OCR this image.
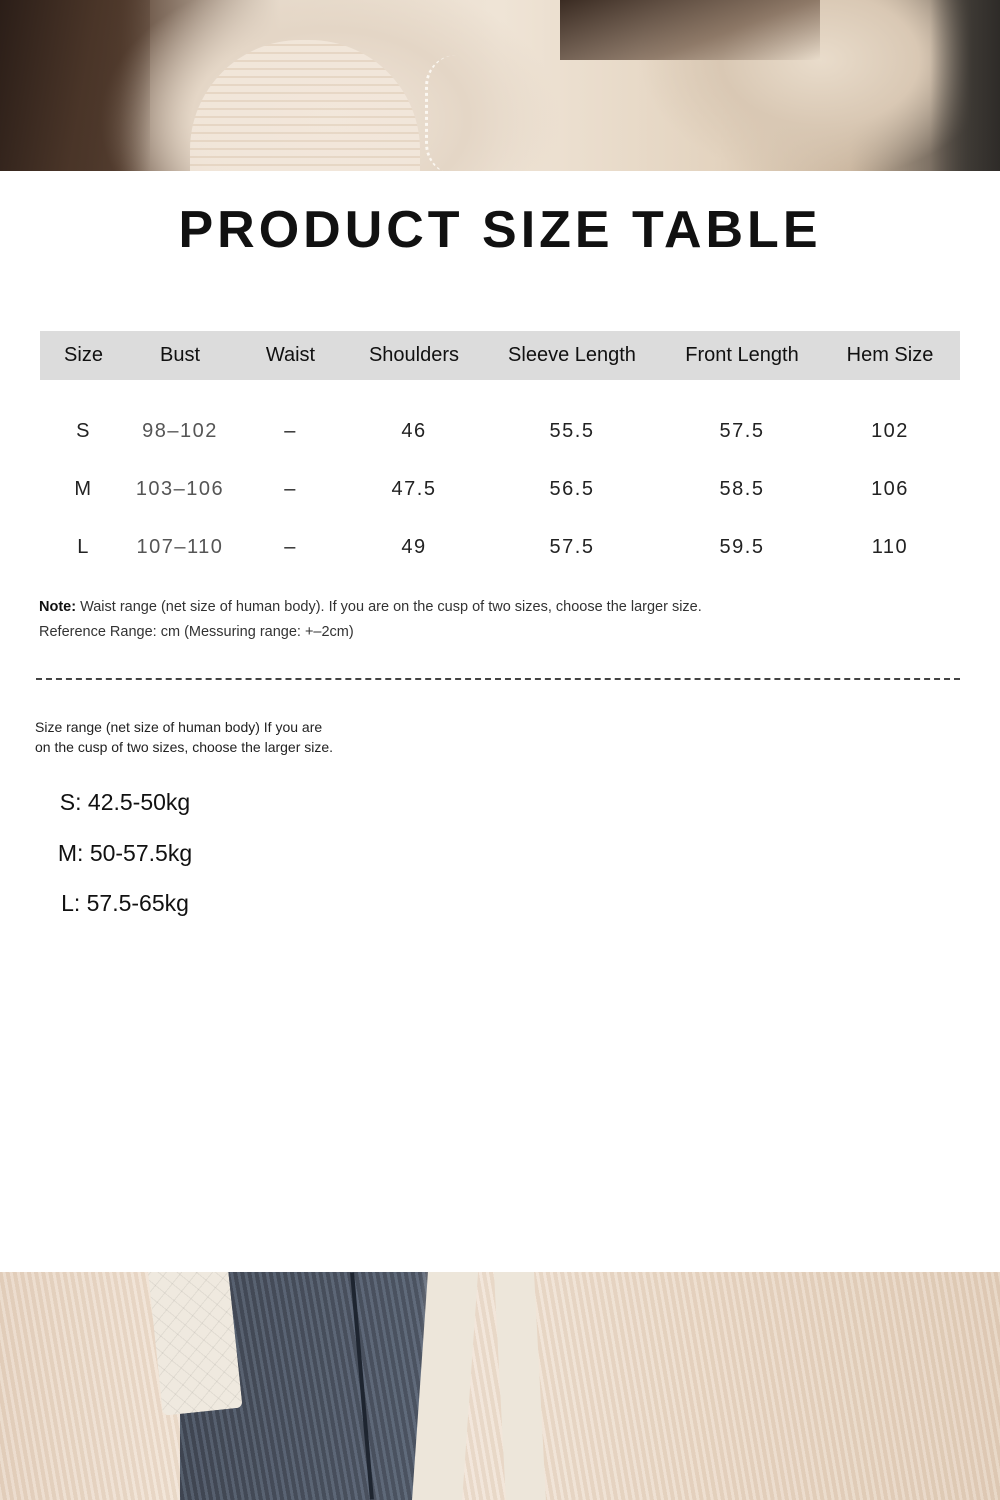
PRODUCT SIZE TABLE
Size	Bust	Waist	Shoulders	Sleeve Length	Front Length	Hem Size

S	98–102	–	46	55.5	57.5	102
M	103–106	–	47.5	56.5	58.5	106
L	107–110	–	49	57.5	59.5	110
Note: Waist range (net size of human body). If you are on the cusp of two sizes, choose the larger size.
Reference Range: cm (Messuring range: +–2cm)
Size range (net size of human body) If you are
on the cusp of two sizes, choose the larger size.
S: 42.5-50kg
M: 50-57.5kg
L: 57.5-65kg
